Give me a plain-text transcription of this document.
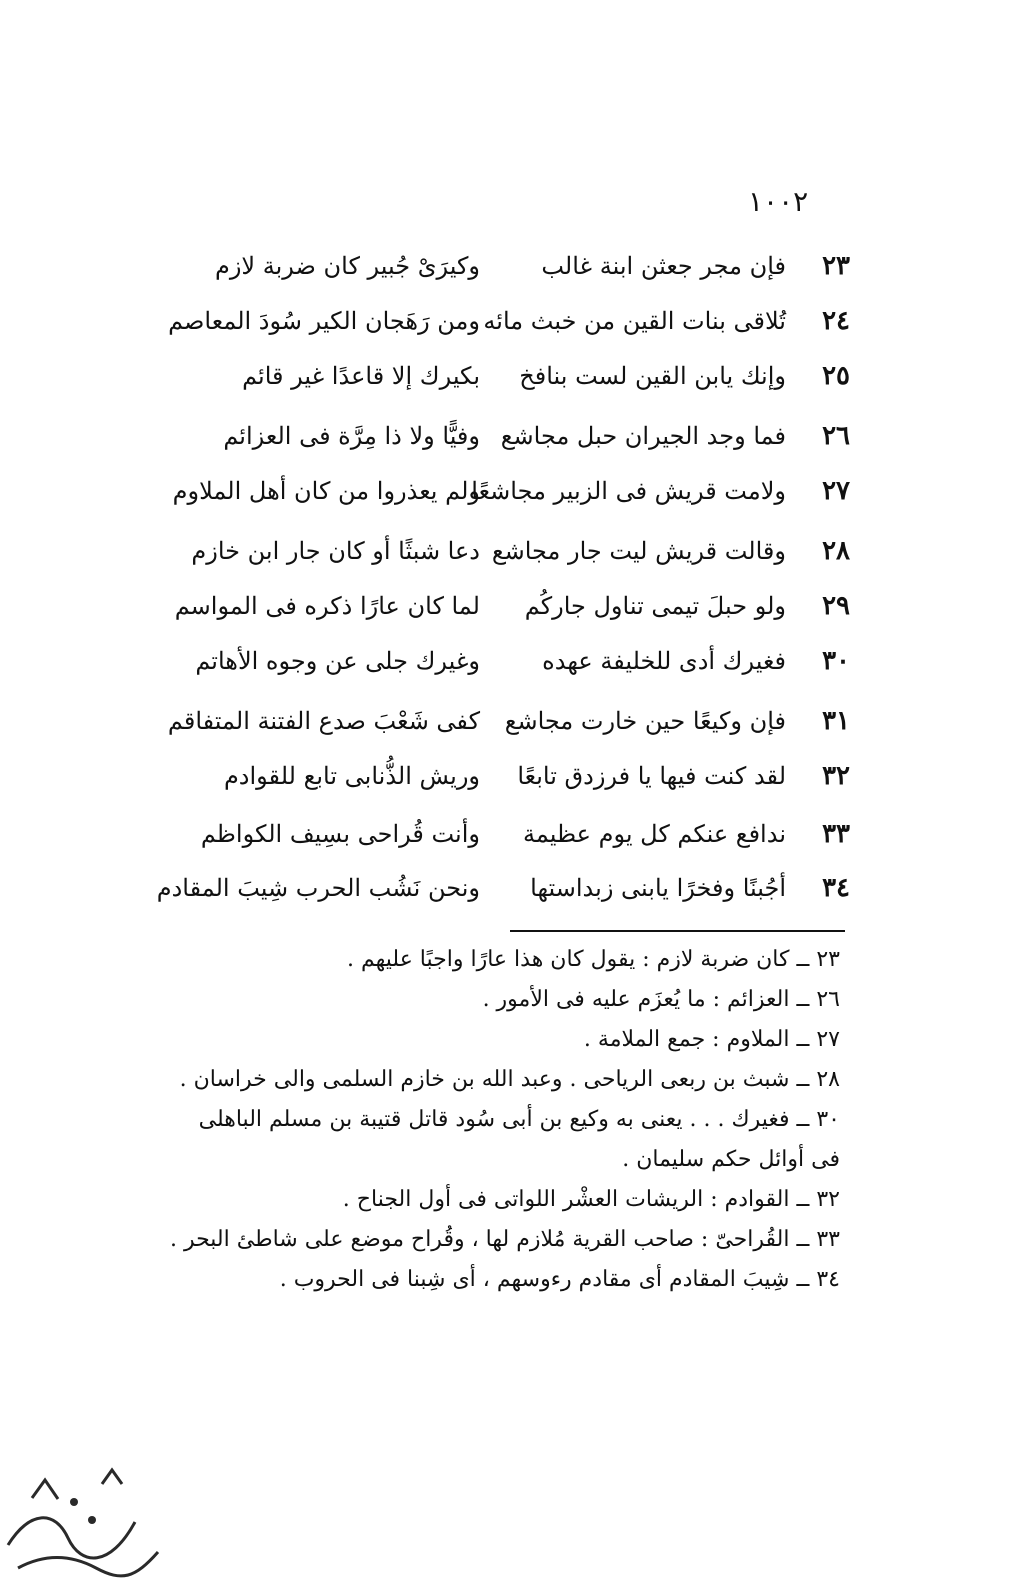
١٠٠٢
٢٣
فإن مجر جعثن ابنة غالب
وكيرَىْ جُبير كان ضربة لازم
٢٤
تُلاقى بنات القين من خبث مائه
ومن رَهَجان الكير سُودَ المعاصم
٢٥
وإنك يابن القين لست بنافخ
بكيرك إلا قاعدًا غير قائم
٢٦
فما وجد الجيران حبل مجاشع
وفيًّا ولا ذا مِرَّة فى العزائم
٢٧
ولامت قريش فى الزبير مجاشعًا
ولم يعذروا من كان أهل الملاوم
٢٨
وقالت قريش ليت جار مجاشع
دعا شبثًا أو كان جار ابن خازم
٢٩
ولو حبلَ تيمى تناول جاركُم
لما كان عارًا ذكره فى المواسم
٣٠
فغيرك أدى للخليفة عهده
وغيرك جلى عن وجوه الأهاتم
٣١
فإن وكيعًا حين خارت مجاشع
كفى شَعْبَ صدع الفتنة المتفاقم
٣٢
لقد كنت فيها يا فرزدق تابعًا
وريش الذُّنابى تابع للقوادم
٣٣
ندافع عنكم كل يوم عظيمة
وأنت قُراحى بسِيف الكواظم
٣٤
أجُبنًا وفخرًا يابنى زبداستها
ونحن نَشُب الحرب شِيبَ المقادم
٢٣ ــ كان ضربة لازم : يقول كان هذا عارًا واجبًا عليهم .
٢٦ ــ العزائم : ما يُعزَم عليه فى الأمور .
٢٧ ــ الملاوم : جمع الملامة .
٢٨ ــ شبث بن ربعى الرياحى . وعبد الله بن خازم السلمى والى خراسان .
٣٠ ــ فغيرك . . . يعنى به وكيع بن أبى سُود قاتل قتيبة بن مسلم الباهلى فى أوائل حكم سليمان .
٣٢ ــ القوادم : الريشات العشْر اللواتى فى أول الجناح .
٣٣ ــ القُراحىّ : صاحب القرية مُلازم لها ، وقُراح موضع على شاطئ البحر .
٣٤ ــ شِيبَ المقادم أى مقادم رءوسهم ، أى شِبنا فى الحروب .
